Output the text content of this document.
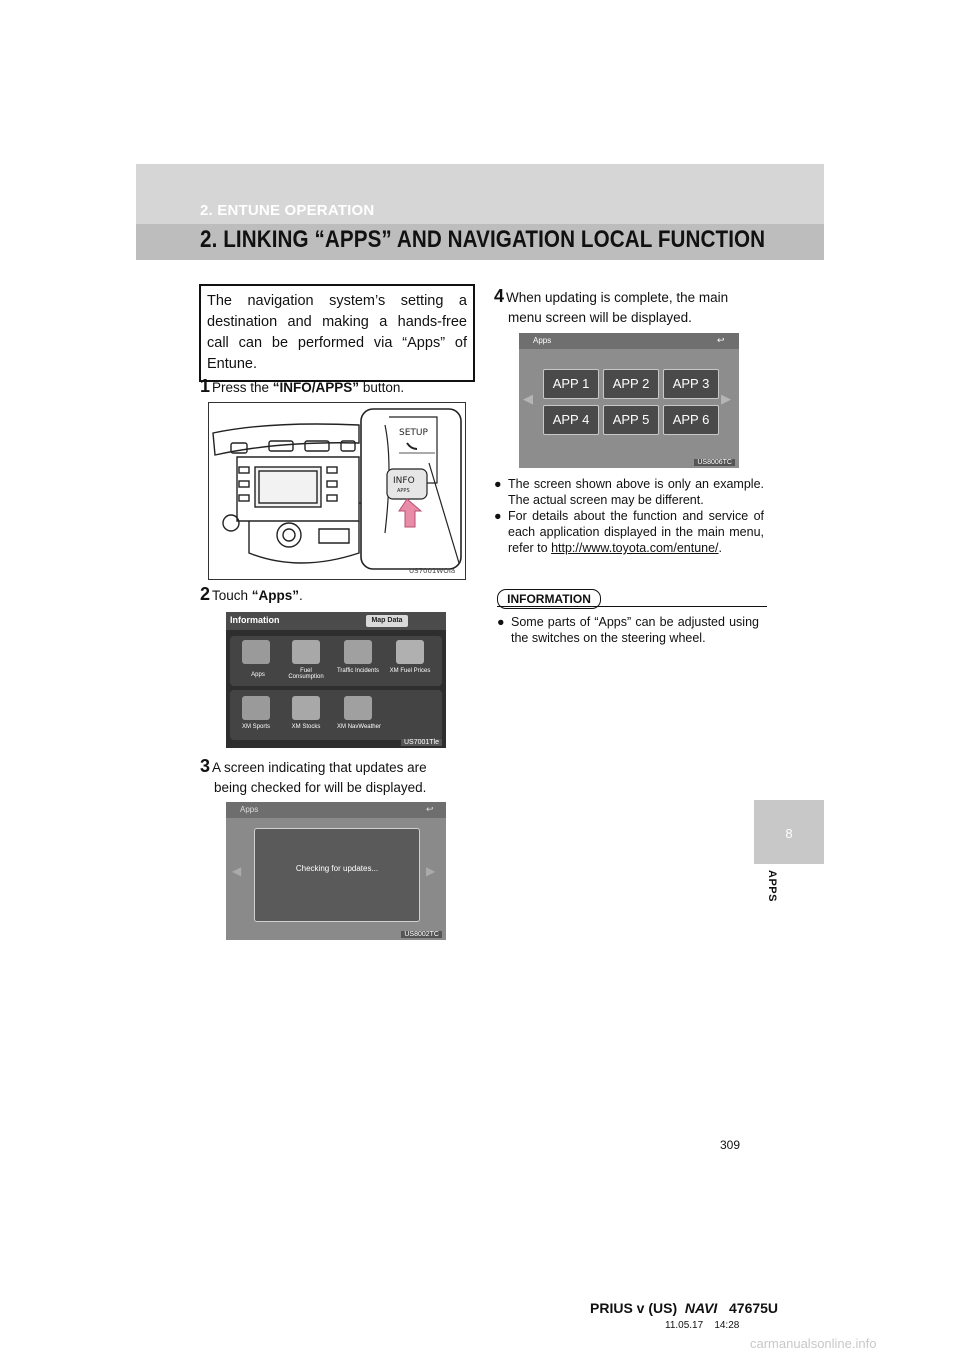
2. ENTUNE OPERATION
2. LINKING “APPS” AND NAVIGATION LOCAL FUNCTION
8
APPS
The navigation system’s setting a destination and making a hands-free call can be performed via “Apps” of Entune.
1 Press the “INFO/APPS” button.
SETUP
INFO
APPS
US7001WOIa
2 Touch “Apps”.
Information	Map Data
Apps
Fuel Consumption
Traffic Incidents XM Fuel Prices
XM Sports	XM Stocks	XM NavWeather
US7001Tle
3 A screen indicating that updates are
being checked for will be displayed.
Apps	↩
◀	▶
Checking for updates...
US8002TC
4 When updating is complete, the main
menu screen will be displayed.
Apps	↩
◀	▶
APP 1	APP 2	APP 3
APP 4	APP 5	APP 6
US8006TC
● The screen shown above is only an example. The actual screen may be different.
● For details about the function and service of each application displayed in the main menu, refer to http://www.toyota.com/entune/.
INFORMATION
● Some parts of “Apps” can be adjusted using the switches on the steering wheel.
309
PRIUS v (US) NAVI 47675U
11.05.17 14:28
carmanualsonline.info
